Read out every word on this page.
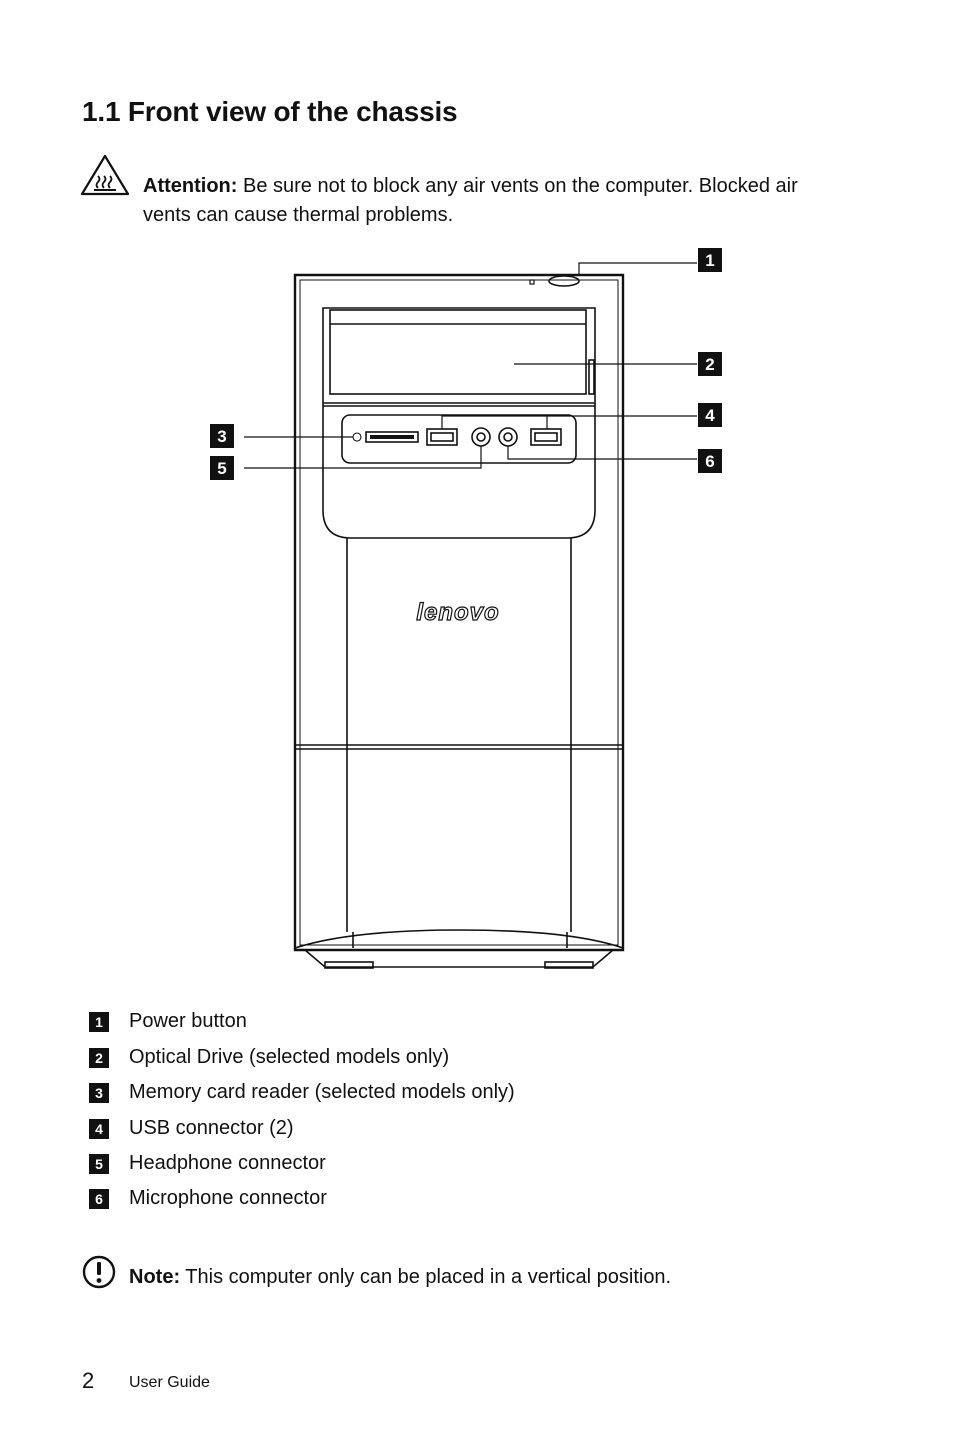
1.1 Front view of the chassis
Attention: Be sure not to block any air vents on the computer. Blocked air vents can cause thermal problems.
lenovo
1
2
3
4
5	6
1	Power button
2	Optical Drive (selected models only)
3	Memory card reader (selected models only)
4	USB connector (2)
5	Headphone connector
6	Microphone connector
Note: This computer only can be placed in a vertical position.
2 User Guide
